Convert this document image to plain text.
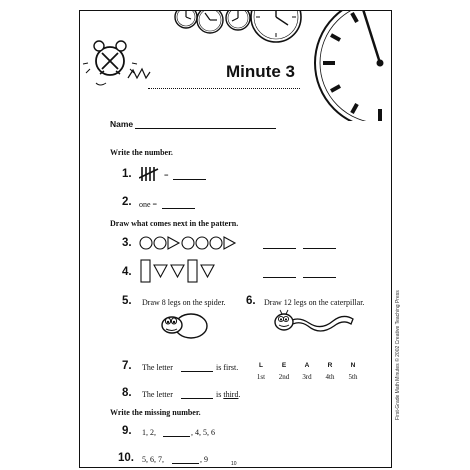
Minute 3
Name
Write the number.
1.	=
2. one =
Draw what comes next in the pattern.
3.
4.
5. Draw 8 legs on the spider. 6. Draw 12 legs on the caterpillar.
7. The letter	is first.	L	E	A	R	N
1st	2nd	3rd	4th	5th
8. The letter	is third.
Write the missing number.
9. 1, 2,	, 4, 5, 6
10. 5, 6, 7,	, 9	10
First-Grade Math Minutes © 2002 Creative Teaching Press
